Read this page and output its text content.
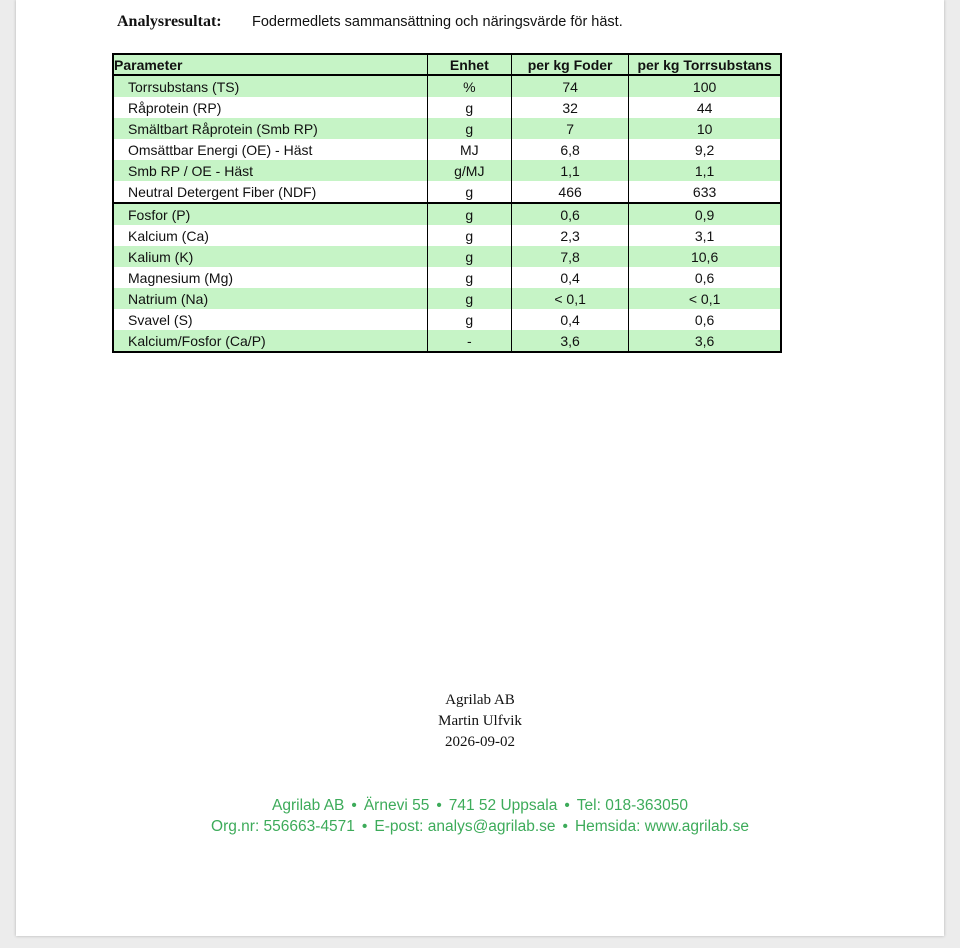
Analysresultat: Fodermedlets sammansättning och näringsvärde för häst.
Parameter	Enhet	per kg Foder	per kg Torrsubstans
Torrsubstans (TS)	%	74	100
Råprotein (RP)	g	32	44
Smältbart Råprotein (Smb RP)	g	7	10
Omsättbar Energi (OE) - Häst	MJ	6,8	9,2
Smb RP / OE - Häst	g/MJ	1,1	1,1
Neutral Detergent Fiber (NDF)	g	466	633
Fosfor (P)	g	0,6	0,9
Kalcium (Ca)	g	2,3	3,1
Kalium (K)	g	7,8	10,6
Magnesium (Mg)	g	0,4	0,6
Natrium (Na)	g	< 0,1	< 0,1
Svavel (S)	g	0,4	0,6
Kalcium/Fosfor (Ca/P)	-	3,6	3,6
Agrilab AB
Martin Ulfvik
2026-09-02
Agrilab AB • Ärnevi 55 • 741 52 Uppsala • Tel: 018-363050
Org.nr: 556663-4571 • E-post: analys@agrilab.se • Hemsida: www.agrilab.se
